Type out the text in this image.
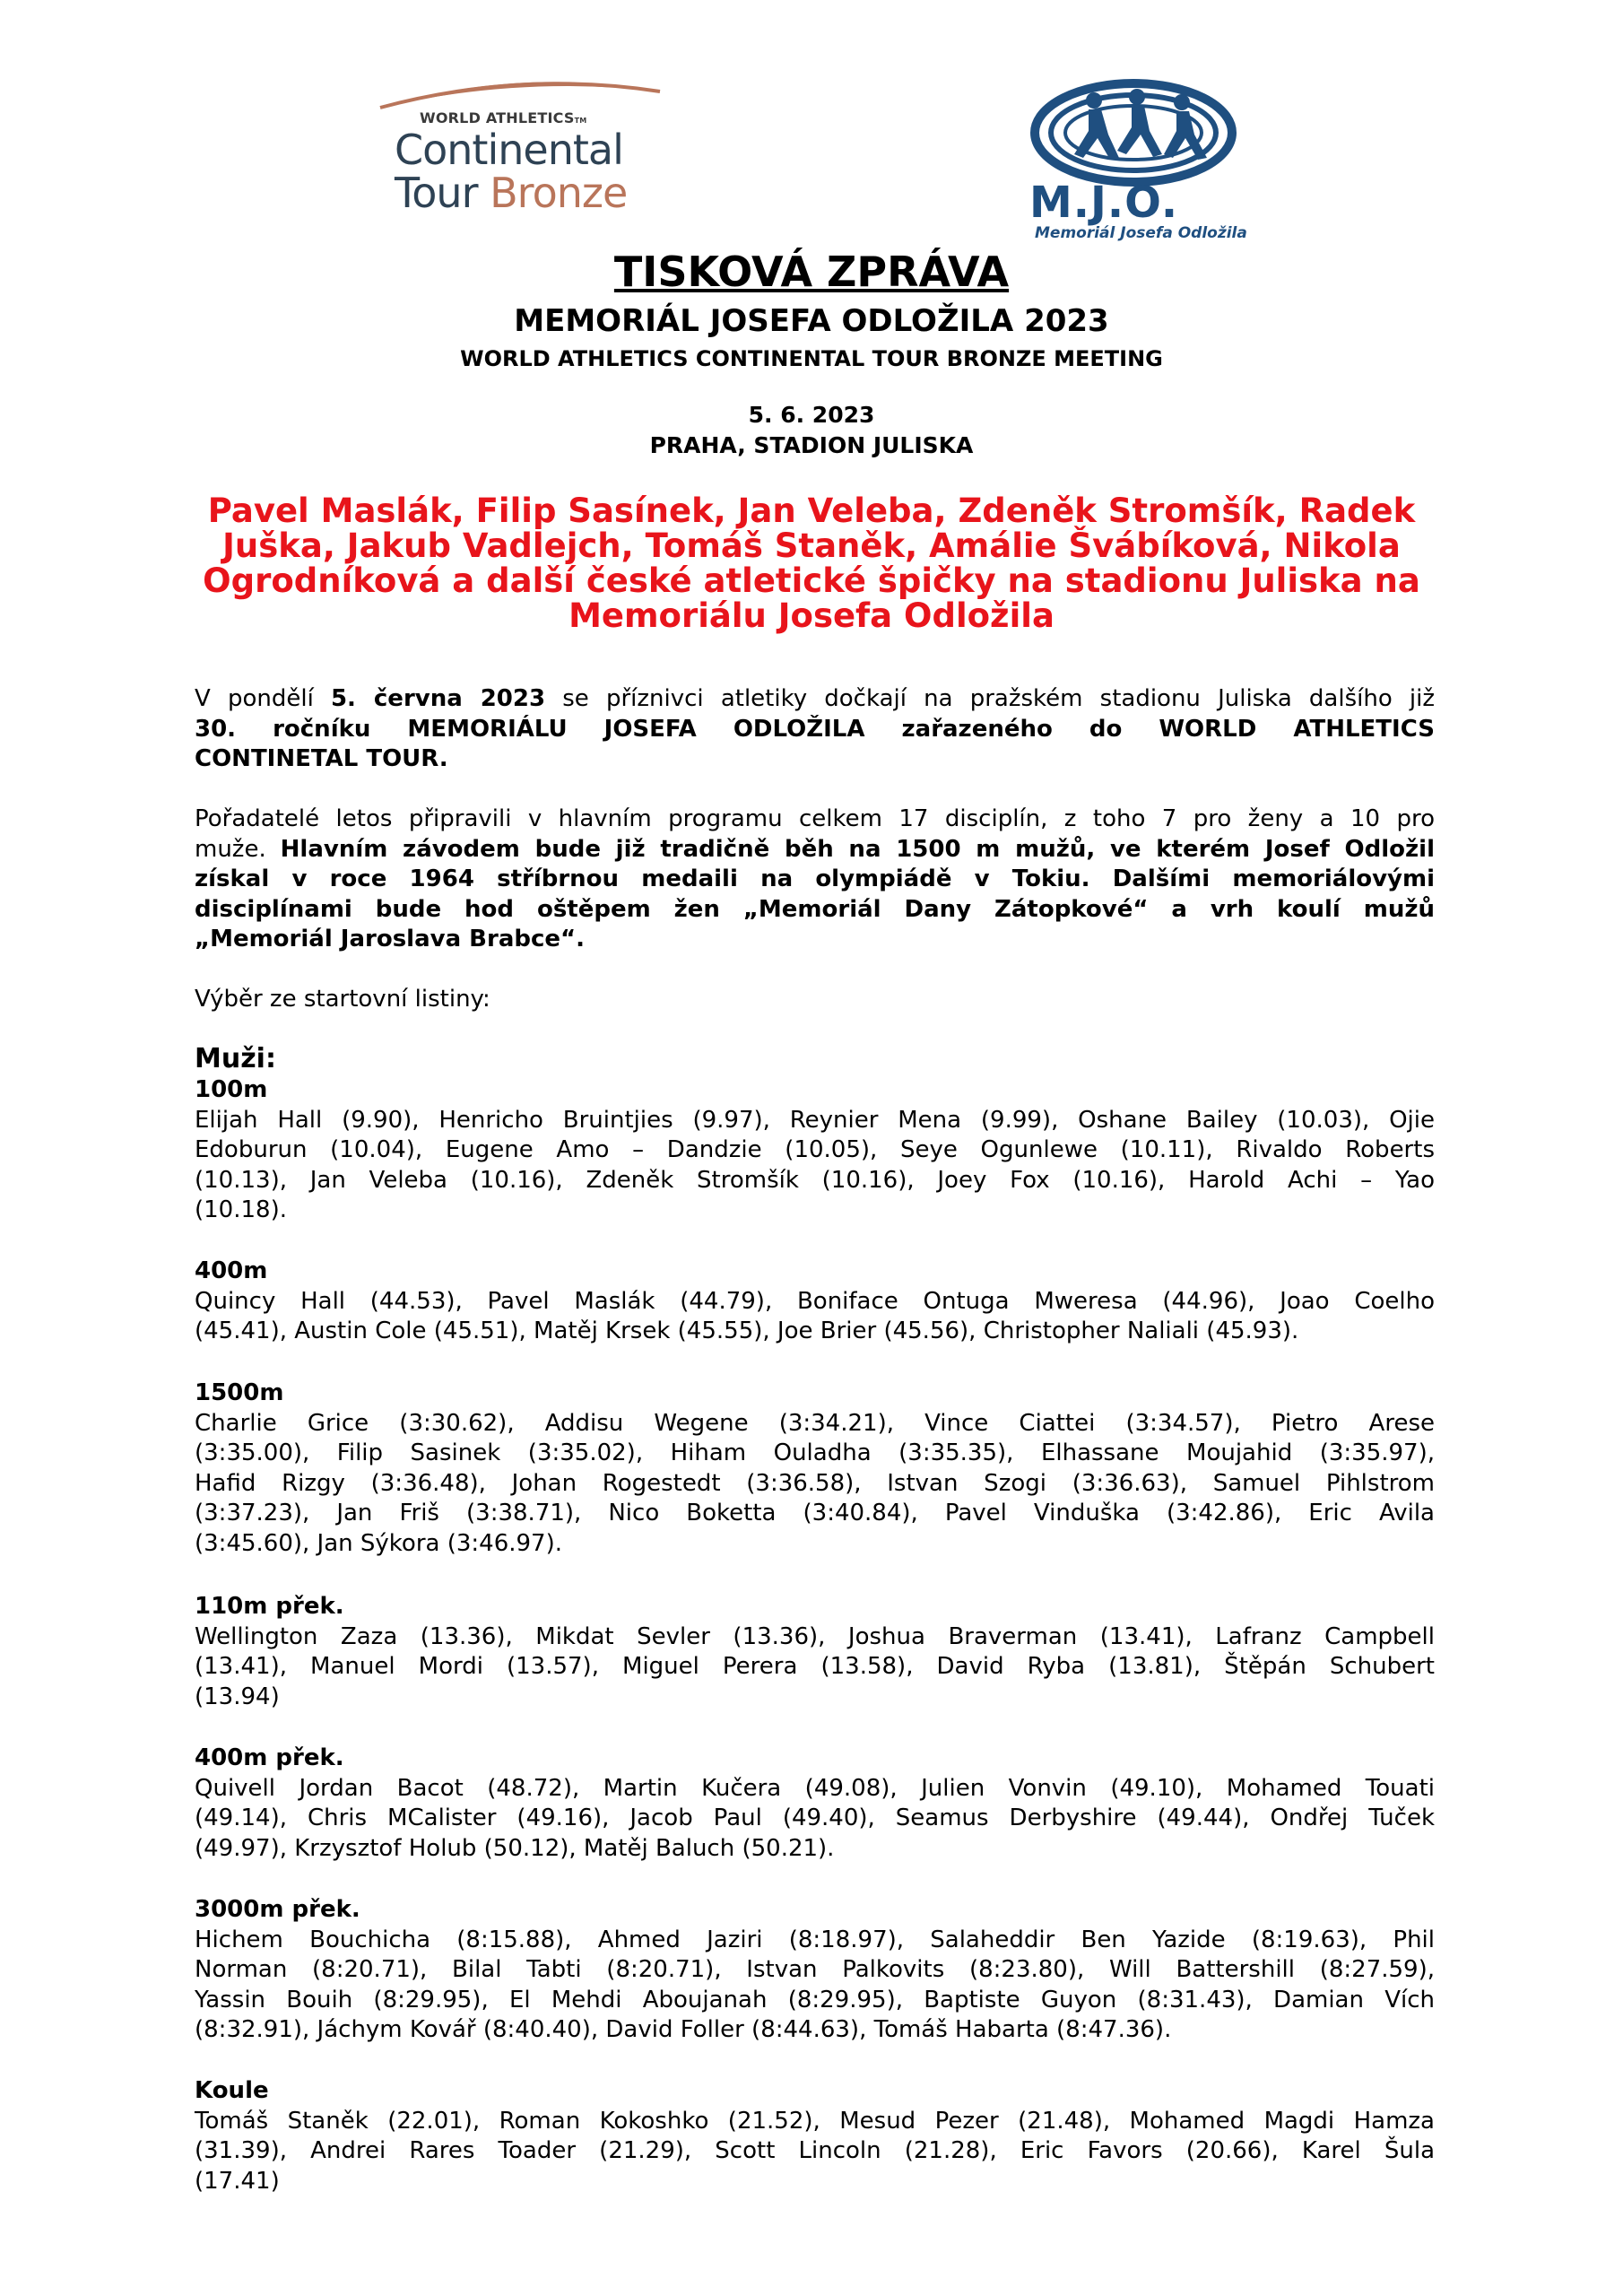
WORLD ATHLETICSTM
Continental
Tour Bronze	M.J.O.
Memoriál Josefa Odložila
TISKOVÁ ZPRÁVA
MEMORIÁL JOSEFA ODLOŽILA 2023
WORLD ATHLETICS CONTINENTAL TOUR BRONZE MEETING
5. 6. 2023
PRAHA, STADION JULISKA
Pavel Maslák, Filip Sasínek, Jan Veleba, Zdeněk Stromšík, Radek
Juška, Jakub Vadlejch, Tomáš Staněk, Amálie Švábíková, Nikola
Ogrodníková a další české atletické špičky na stadionu Juliska na
Memoriálu Josefa Odložila
V pondělí 5. června 2023 se příznivci atletiky dočkají na pražském stadionu Juliska dalšího již
30. ročníku MEMORIÁLU JOSEFA ODLOŽILA zařazeného do WORLD ATHLETICS
CONTINETAL TOUR.
Pořadatelé letos připravili v hlavním programu celkem 17 disciplín, z toho 7 pro ženy a 10 pro
muže. Hlavním závodem bude již tradičně běh na 1500 m mužů, ve kterém Josef Odložil
získal v roce 1964 stříbrnou medaili na olympiádě v Tokiu. Dalšími memoriálovými
disciplínami bude hod oštěpem žen „Memoriál Dany Zátopkové“ a vrh koulí mužů
„Memoriál Jaroslava Brabce“.
Výběr ze startovní listiny:
Muži:
100m
Elijah Hall (9.90), Henricho Bruintjies (9.97), Reynier Mena (9.99), Oshane Bailey (10.03), Ojie
Edoburun (10.04), Eugene Amo – Dandzie (10.05), Seye Ogunlewe (10.11), Rivaldo Roberts
(10.13), Jan Veleba (10.16), Zdeněk Stromšík (10.16), Joey Fox (10.16), Harold Achi – Yao
(10.18).
400m
Quincy Hall (44.53), Pavel Maslák (44.79), Boniface Ontuga Mweresa (44.96), Joao Coelho
(45.41), Austin Cole (45.51), Matěj Krsek (45.55), Joe Brier (45.56), Christopher Naliali (45.93).
1500m
Charlie Grice (3:30.62), Addisu Wegene (3:34.21), Vince Ciattei (3:34.57), Pietro Arese
(3:35.00), Filip Sasinek (3:35.02), Hiham Ouladha (3:35.35), Elhassane Moujahid (3:35.97),
Hafid Rizgy (3:36.48), Johan Rogestedt (3:36.58), Istvan Szogi (3:36.63), Samuel Pihlstrom
(3:37.23), Jan Friš (3:38.71), Nico Boketta (3:40.84), Pavel Vinduška (3:42.86), Eric Avila
(3:45.60), Jan Sýkora (3:46.97).
110m přek.
Wellington Zaza (13.36), Mikdat Sevler (13.36), Joshua Braverman (13.41), Lafranz Campbell
(13.41), Manuel Mordi (13.57), Miguel Perera (13.58), David Ryba (13.81), Štěpán Schubert
(13.94)
400m přek.
Quivell Jordan Bacot (48.72), Martin Kučera (49.08), Julien Vonvin (49.10), Mohamed Touati
(49.14), Chris MCalister (49.16), Jacob Paul (49.40), Seamus Derbyshire (49.44), Ondřej Tuček
(49.97), Krzysztof Holub (50.12), Matěj Baluch (50.21).
3000m přek.
Hichem Bouchicha (8:15.88), Ahmed Jaziri (8:18.97), Salaheddir Ben Yazide (8:19.63), Phil
Norman (8:20.71), Bilal Tabti (8:20.71), Istvan Palkovits (8:23.80), Will Battershill (8:27.59),
Yassin Bouih (8:29.95), El Mehdi Aboujanah (8:29.95), Baptiste Guyon (8:31.43), Damian Vích
(8:32.91), Jáchym Kovář (8:40.40), David Foller (8:44.63), Tomáš Habarta (8:47.36).
Koule
Tomáš Staněk (22.01), Roman Kokoshko (21.52), Mesud Pezer (21.48), Mohamed Magdi Hamza
(31.39), Andrei Rares Toader (21.29), Scott Lincoln (21.28), Eric Favors (20.66), Karel Šula
(17.41)
